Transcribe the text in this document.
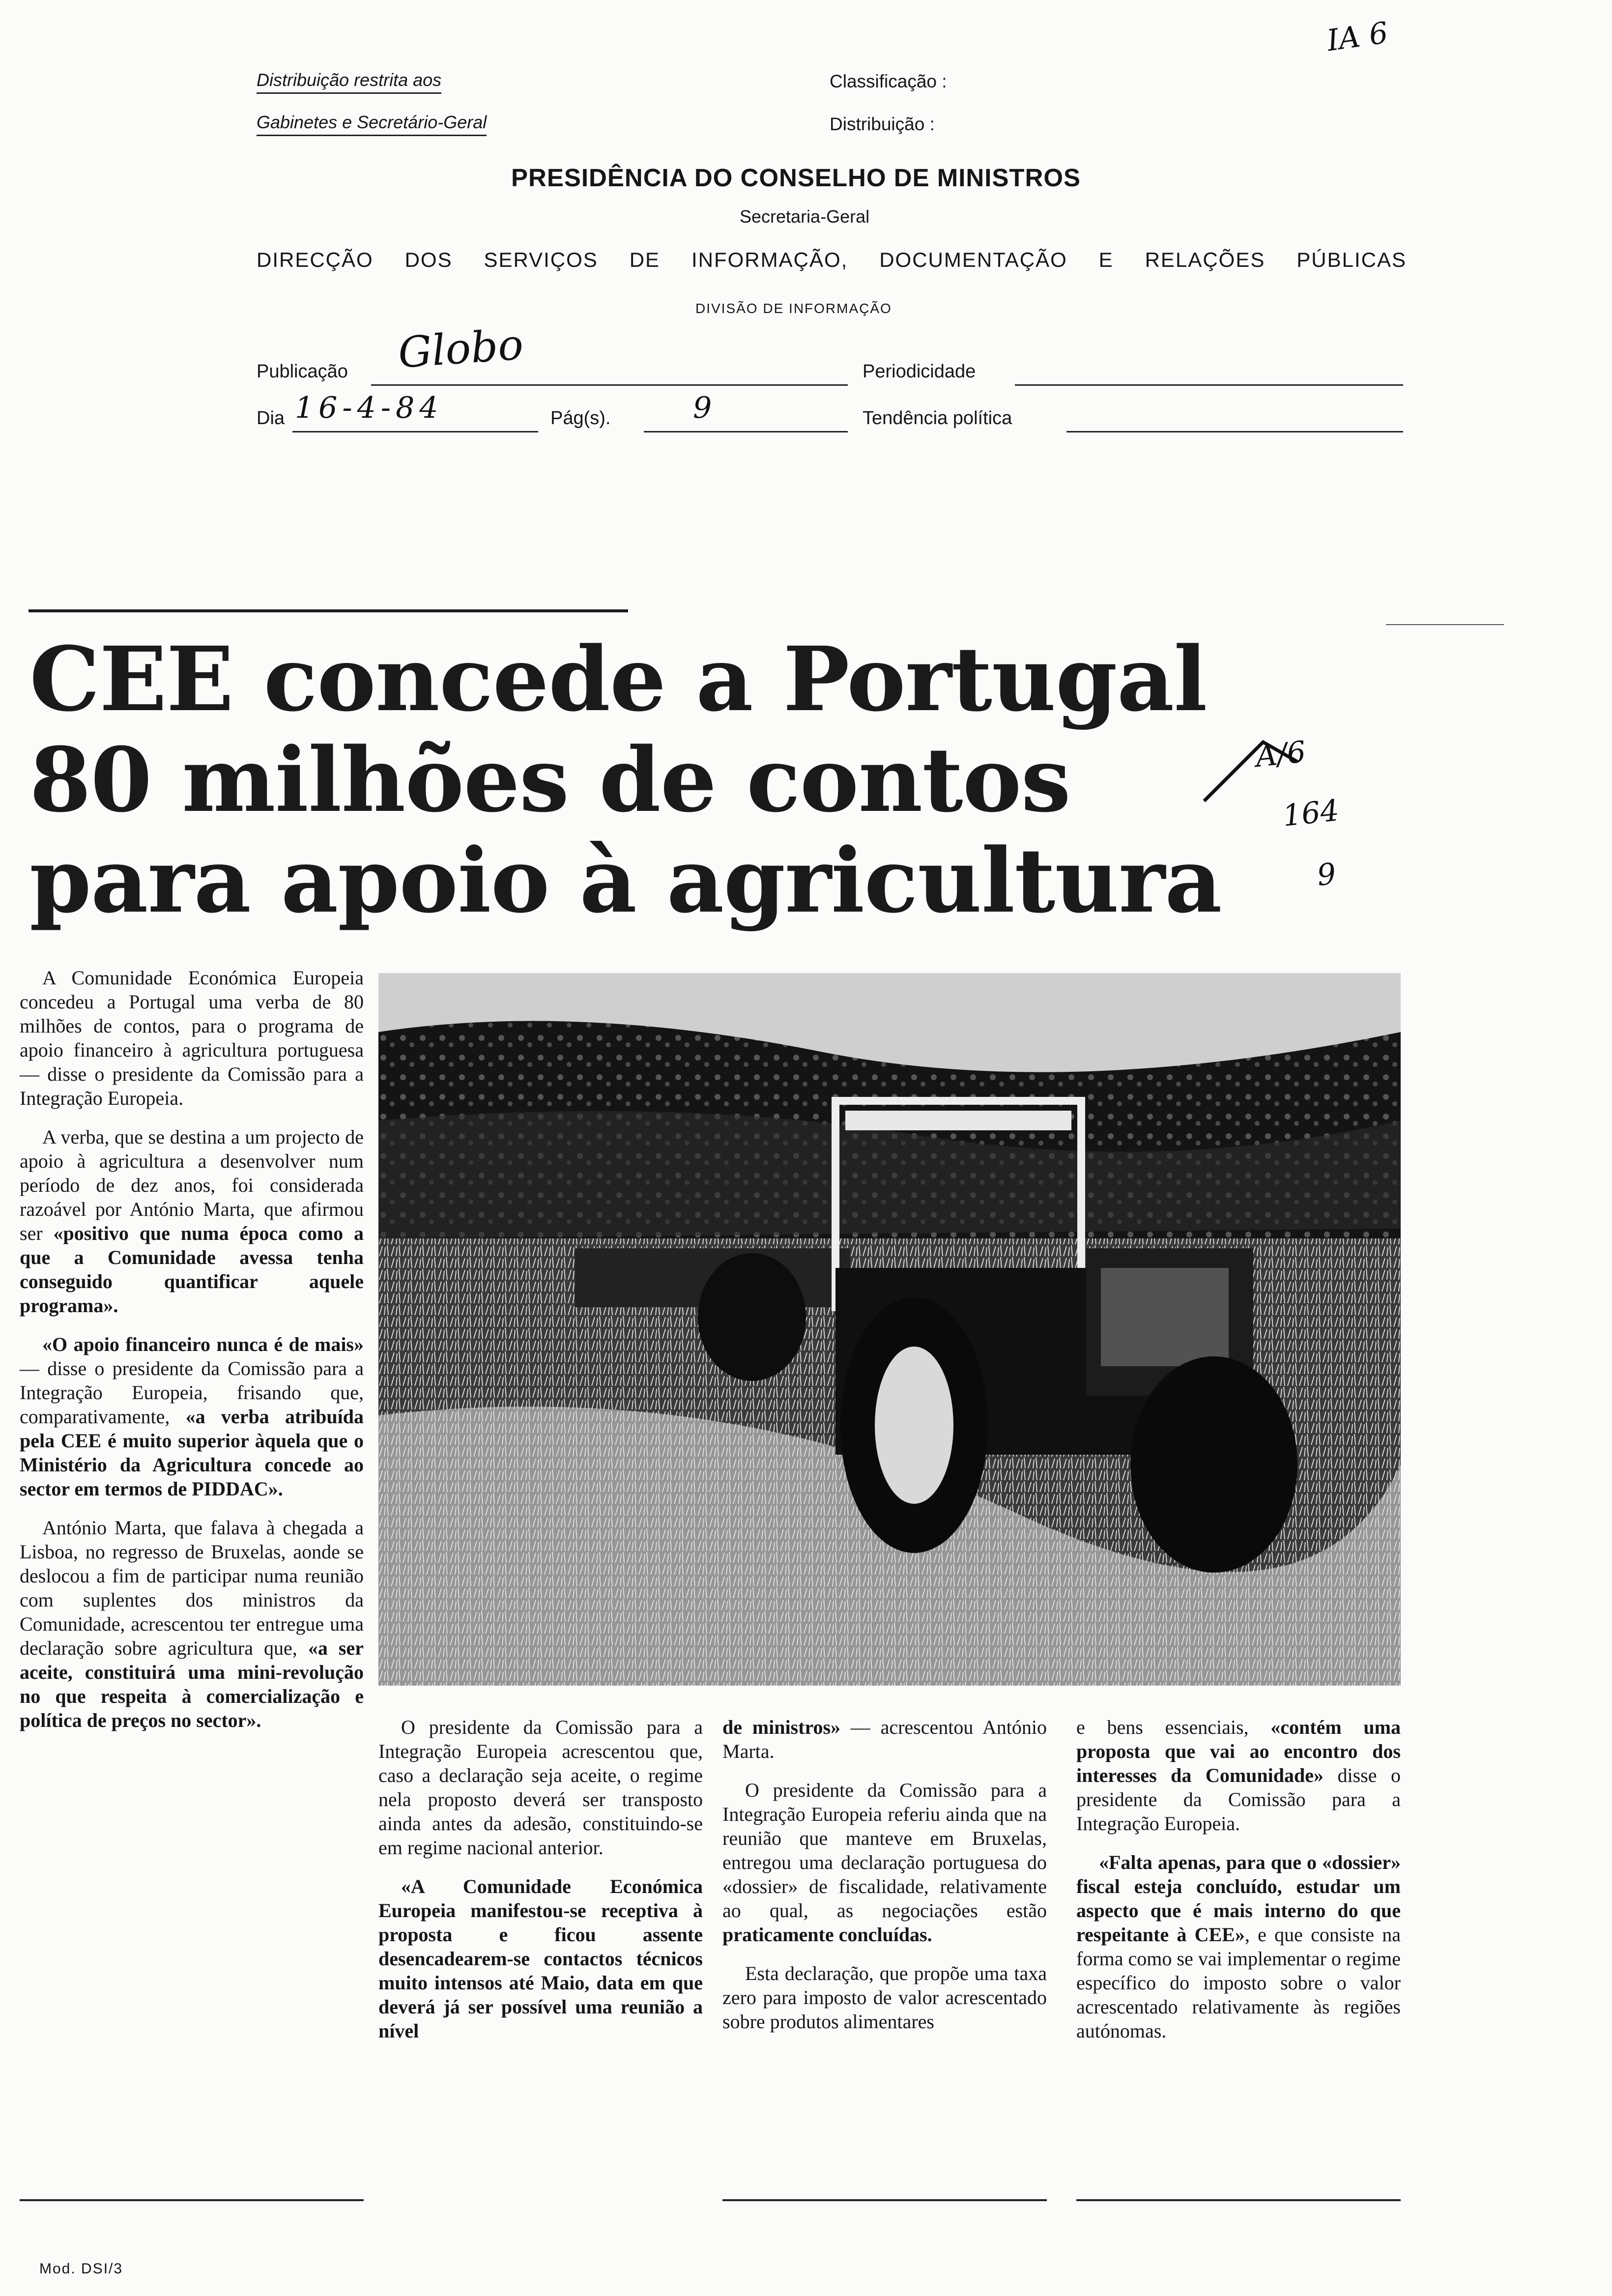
Distribuição restrita aos
Gabinetes e Secretário-Geral
Classificação :
Distribuição :
IA 6
PRESIDÊNCIA DO CONSELHO DE MINISTROS
Secretaria-Geral
DIRECÇÃO DOS SERVIÇOS DE INFORMAÇÃO, DOCUMENTAÇÃO E RELAÇÕES PÚBLICAS
DIVISÃO DE INFORMAÇÃO
Publicação Globo	Periodicidade
Dia 16-4-84	Pág(s).	9	Tendência política
CEE concede a Portugal
80 milhões de contos
para apoio à agricultura
A/6
164
9

A Comunidade Económica Europeia concedeu a Portugal uma verba de 80 milhões de contos, para o programa de apoio financeiro à agricultura portuguesa — disse o presidente da Comissão para a Integração Europeia.

A verba, que se destina a um projecto de apoio à agricultura a desenvolver num período de dez anos, foi considerada razoável por António Marta, que afirmou ser «positivo que numa época como a que a Comunidade avessa tenha conseguido quantificar aquele programa».

«O apoio financeiro nunca é de mais» — disse o presidente da Comissão para a Integração Europeia, frisando que, comparativamente, «a verba atribuída pela CEE é muito superior àquela que o Ministério da Agricultura concede ao sector em termos de PIDDAC».

António Marta, que falava à chegada a Lisboa, no regresso de Bruxelas, aonde se deslocou a fim de participar numa reunião com suplentes dos ministros da Comunidade, acrescentou ter entregue uma declaração sobre agricultura que, «a ser aceite, constituirá uma mini-revolução no que respeita à comercialização e política de preços no sector».	O presidente da Comissão para a Integração Europeia acrescentou que, caso a declaração seja aceite, o regime nela proposto deverá ser transposto ainda antes da adesão, constituindo-se em regime nacional anterior.

«A Comunidade Económica Europeia manifestou-se receptiva à proposta e ficou assente desencadearem-se contactos técnicos muito intensos até Maio, data em que deverá já ser possível uma reunião a nível

de ministros» — acrescentou António Marta.

O presidente da Comissão para a Integração Europeia referiu ainda que na reunião que manteve em Bruxelas, entregou uma declaração portuguesa do «dossier» de fiscalidade, relativamente ao qual, as negociações estão praticamente concluídas.

Esta declaração, que propõe uma taxa zero para imposto de valor acrescentado sobre produtos alimentares

e bens essenciais, «contém uma proposta que vai ao encontro dos interesses da Comunidade» disse o presidente da Comissão para a Integração Europeia.

«Falta apenas, para que o «dossier» fiscal esteja concluído, estudar um aspecto que é mais interno do que respeitante à CEE», e que consiste na forma como se vai implementar o regime específico do imposto sobre o valor acrescentado relativamente às regiões autónomas.

Mod. DSI/3
